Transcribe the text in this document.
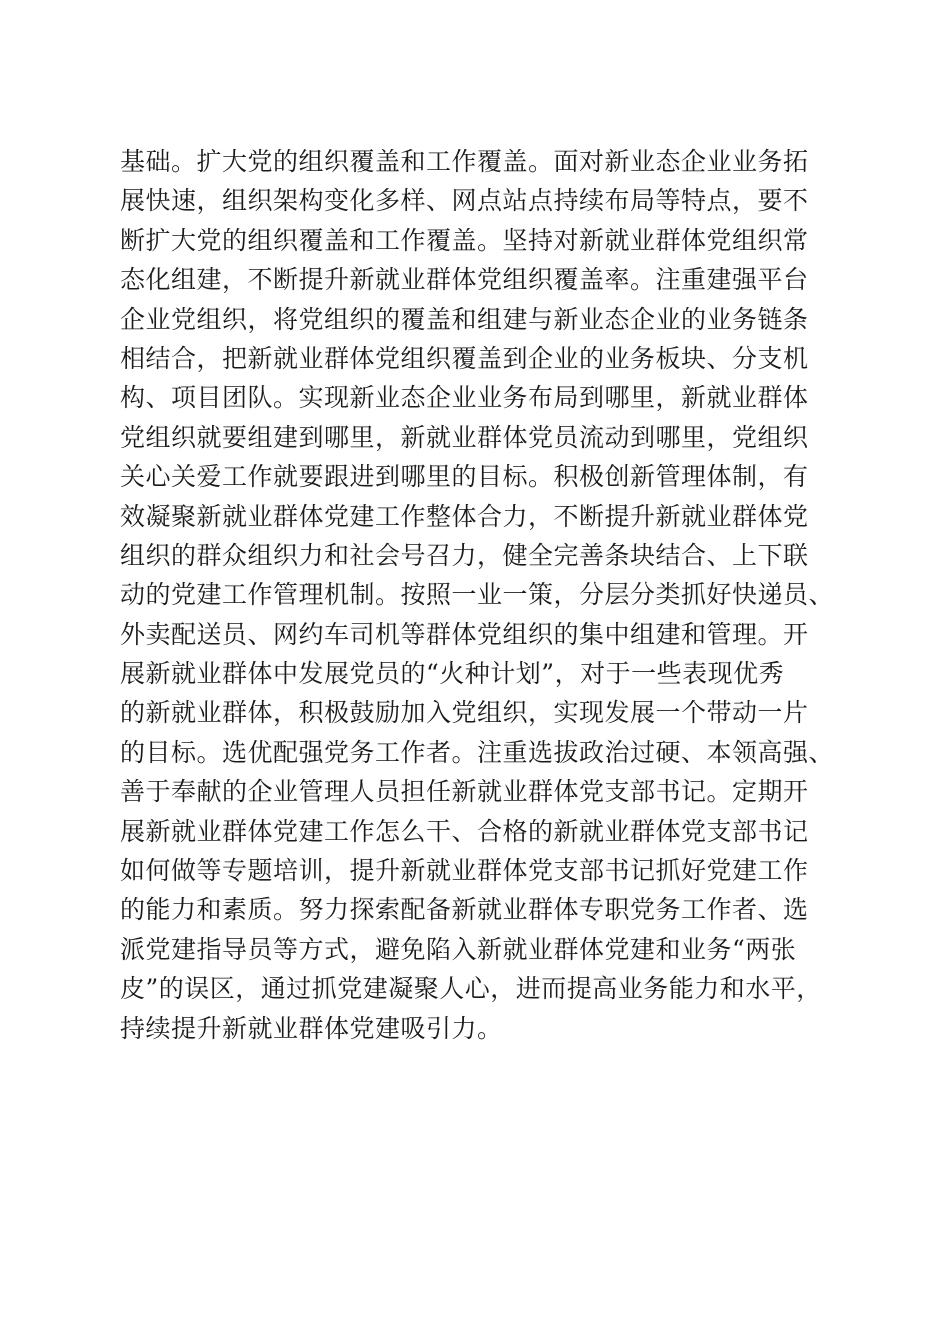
基础。扩大党的组织覆盖和工作覆盖。面对新业态企业业务拓
展快速，组织架构变化多样、网点站点持续布局等特点，要不
断扩大党的组织覆盖和工作覆盖。坚持对新就业群体党组织常
态化组建，不断提升新就业群体党组织覆盖率。注重建强平台
企业党组织，将党组织的覆盖和组建与新业态企业的业务链条
相结合，把新就业群体党组织覆盖到企业的业务板块、分支机
构、项目团队。实现新业态企业业务布局到哪里，新就业群体
党组织就要组建到哪里，新就业群体党员流动到哪里，党组织
关心关爱工作就要跟进到哪里的目标。积极创新管理体制，有
效凝聚新就业群体党建工作整体合力，不断提升新就业群体党
组织的群众组织力和社会号召力，健全完善条块结合、上下联
动的党建工作管理机制。按照一业一策，分层分类抓好快递员、
外卖配送员、网约车司机等群体党组织的集中组建和管理。开
展新就业群体中发展党员的“火种计划”，对于一些表现优秀
的新就业群体，积极鼓励加入党组织，实现发展一个带动一片
的目标。选优配强党务工作者。注重选拔政治过硬、本领高强、
善于奉献的企业管理人员担任新就业群体党支部书记。定期开
展新就业群体党建工作怎么干、合格的新就业群体党支部书记
如何做等专题培训，提升新就业群体党支部书记抓好党建工作
的能力和素质。努力探索配备新就业群体专职党务工作者、选
派党建指导员等方式，避免陷入新就业群体党建和业务“两张
皮”的误区，通过抓党建凝聚人心，进而提高业务能力和水平，
持续提升新就业群体党建吸引力。
